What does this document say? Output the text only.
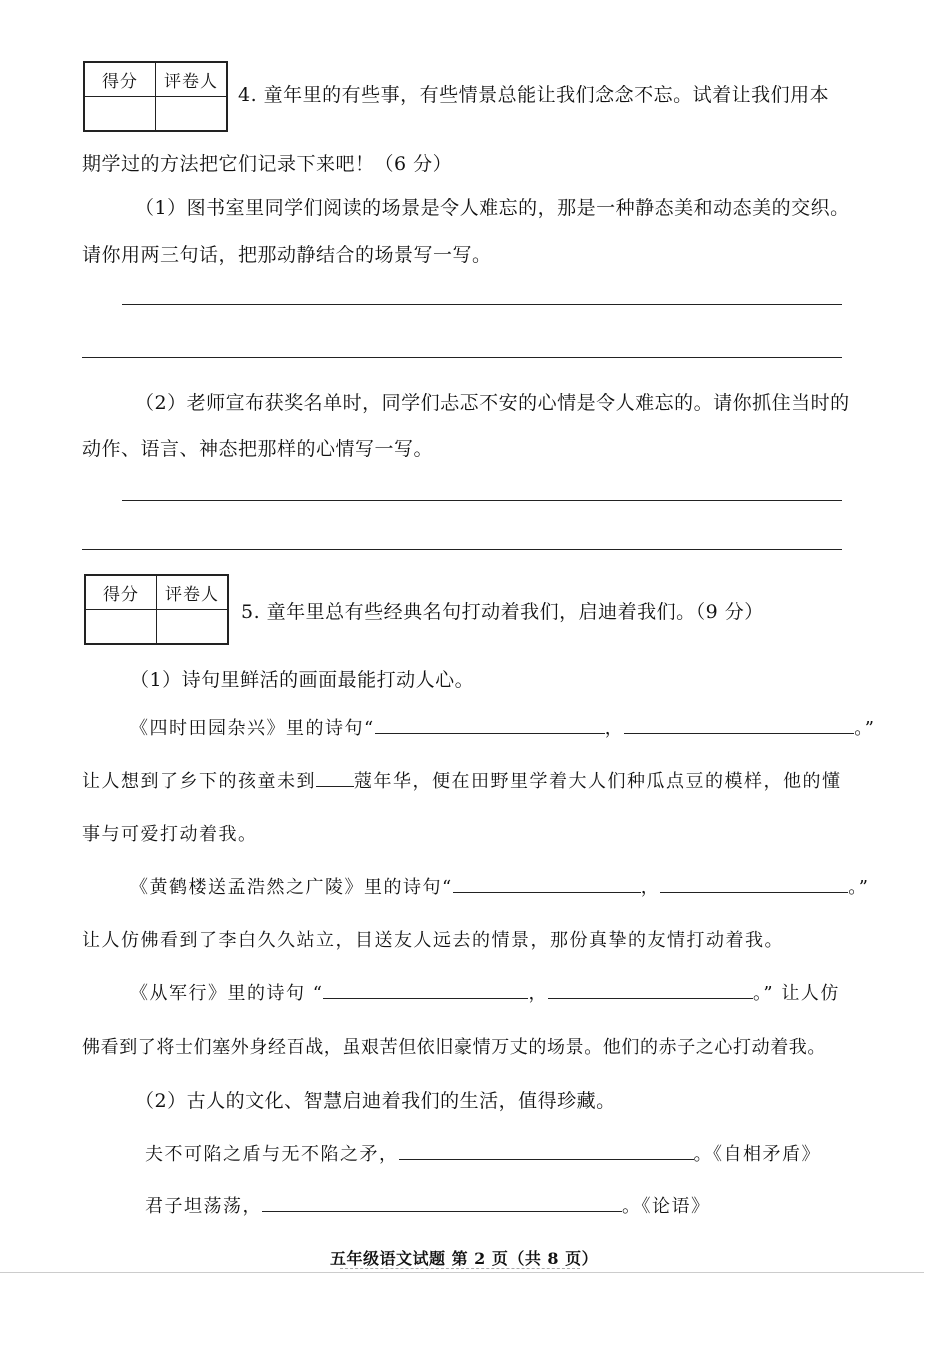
得分	评卷人

4. 童年里的有些事，有些情景总能让我们念念不忘。试着让我们用本
期学过的方法把它们记录下来吧！（6 分）
（1）图书室里同学们阅读的场景是令人难忘的，那是一种静态美和动态美的交织。
请你用两三句话，把那动静结合的场景写一写。
（2）老师宣布获奖名单时，同学们忐忑不安的心情是令人难忘的。请你抓住当时的
动作、语言、神态把那样的心情写一写。
得分	评卷人

5. 童年里总有些经典名句打动着我们，启迪着我们。（9 分）
（1）诗句里鲜活的画面最能打动人心。
《四时田园杂兴》里的诗句“	，	。”
让人想到了乡下的孩童未到 蔻年华，便在田野里学着大人们种瓜点豆的模样，他的懂
事与可爱打动着我。
《黄鹤楼送孟浩然之广陵》里的诗句“	，	。”
让人仿佛看到了李白久久站立，目送友人远去的情景，那份真挚的友情打动着我。
《从军行》里的诗句 “	，	。” 让人仿
佛看到了将士们塞外身经百战，虽艰苦但依旧豪情万丈的场景。他们的赤子之心打动着我。
（2）古人的文化、智慧启迪着我们的生活，值得珍藏。
夫不可陷之盾与无不陷之矛，	。《自相矛盾》
君子坦荡荡，	。《论语》
五年级语文试题 第 2 页（共 8 页）
